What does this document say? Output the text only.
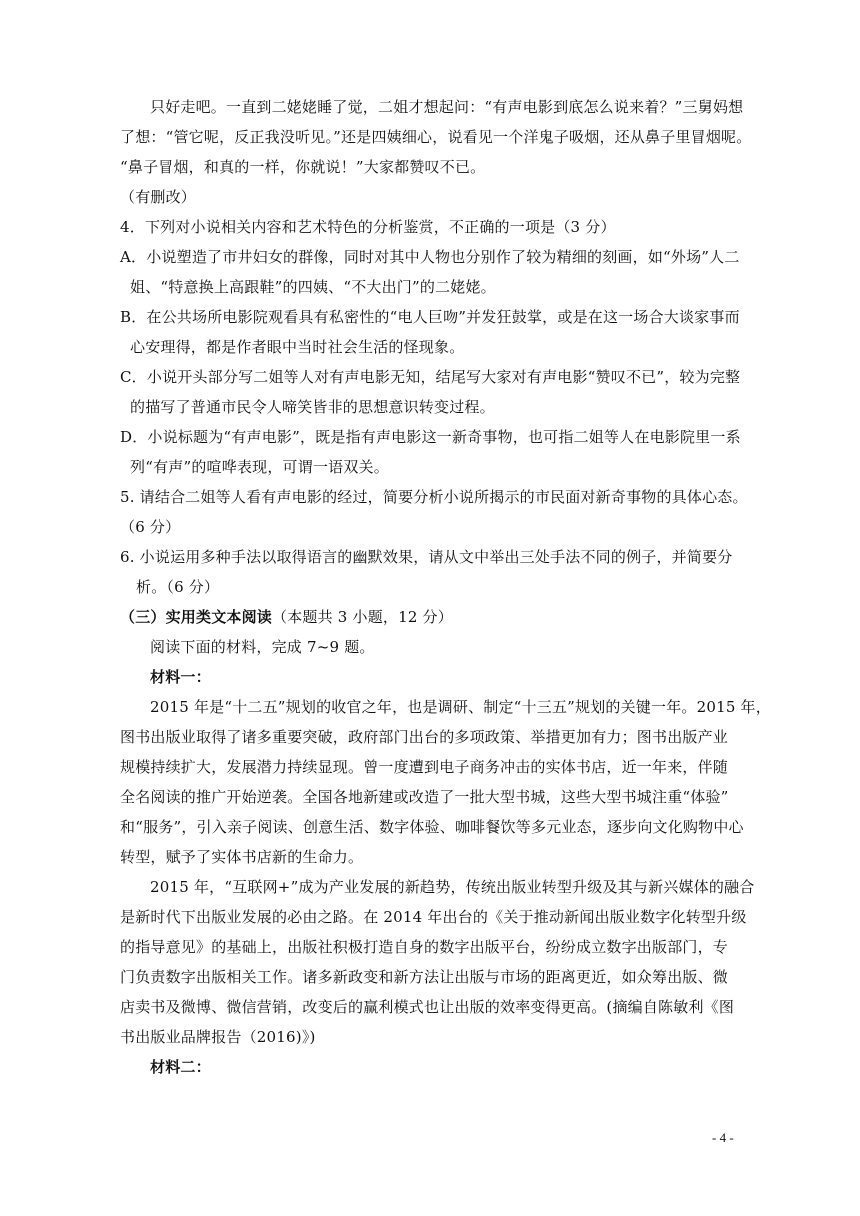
只好走吧。一直到二姥姥睡了觉，二姐才想起问：“有声电影到底怎么说来着？”三舅妈想
了想：“管它呢，反正我没听见。”还是四姨细心，说看见一个洋鬼子吸烟，还从鼻子里冒烟呢。
“鼻子冒烟，和真的一样，你就说！”大家都赞叹不已。
（有删改）
4．下列对小说相关内容和艺术特色的分析鉴赏，不正确的一项是（3 分）
A．小说塑造了市井妇女的群像，同时对其中人物也分别作了较为精细的刻画，如“外场”人二
姐、“特意换上高跟鞋”的四姨、“不大出门”的二姥姥。
B．在公共场所电影院观看具有私密性的“电人巨吻”并发狂鼓掌，或是在这一场合大谈家事而
心安理得，都是作者眼中当时社会生活的怪现象。
C．小说开头部分写二姐等人对有声电影无知，结尾写大家对有声电影“赞叹不已”，较为完整
的描写了普通市民令人啼笑皆非的思想意识转变过程。
D．小说标题为“有声电影”，既是指有声电影这一新奇事物，也可指二姐等人在电影院里一系
列“有声”的喧哗表现，可谓一语双关。
5. 请结合二姐等人看有声电影的经过，简要分析小说所揭示的市民面对新奇事物的具体心态。
（6 分）
6. 小说运用多种手法以取得语言的幽默效果，请从文中举出三处手法不同的例子，并简要分
析。（6 分）
（三）实用类文本阅读（本题共 3 小题，12 分）
阅读下面的材料，完成 7~9 题。
材料一：
2015 年是“十二五”规划的收官之年，也是调研、制定“十三五”规划的关键一年。2015 年，
图书出版业取得了诸多重要突破，政府部门出台的多项政策、举措更加有力；图书出版产业
规模持续扩大，发展潜力持续显现。曾一度遭到电子商务冲击的实体书店，近一年来，伴随
全名阅读的推广开始逆袭。全国各地新建或改造了一批大型书城，这些大型书城注重“体验”
和“服务”，引入亲子阅读、创意生活、数字体验、咖啡餐饮等多元业态，逐步向文化购物中心
转型，赋予了实体书店新的生命力。
2015 年，“互联网+”成为产业发展的新趋势，传统出版业转型升级及其与新兴媒体的融合
是新时代下出版业发展的必由之路。在 2014 年出台的《关于推动新闻出版业数字化转型升级
的指导意见》的基础上，出版社积极打造自身的数字出版平台，纷纷成立数字出版部门，专
门负责数字出版相关工作。诸多新政变和新方法让出版与市场的距离更近，如众筹出版、微
店卖书及微博、微信营销，改变后的赢利模式也让出版的效率变得更高。(摘编自陈敏利《图
书出版业品牌报告（2016)》)
材料二：
- 4 -
